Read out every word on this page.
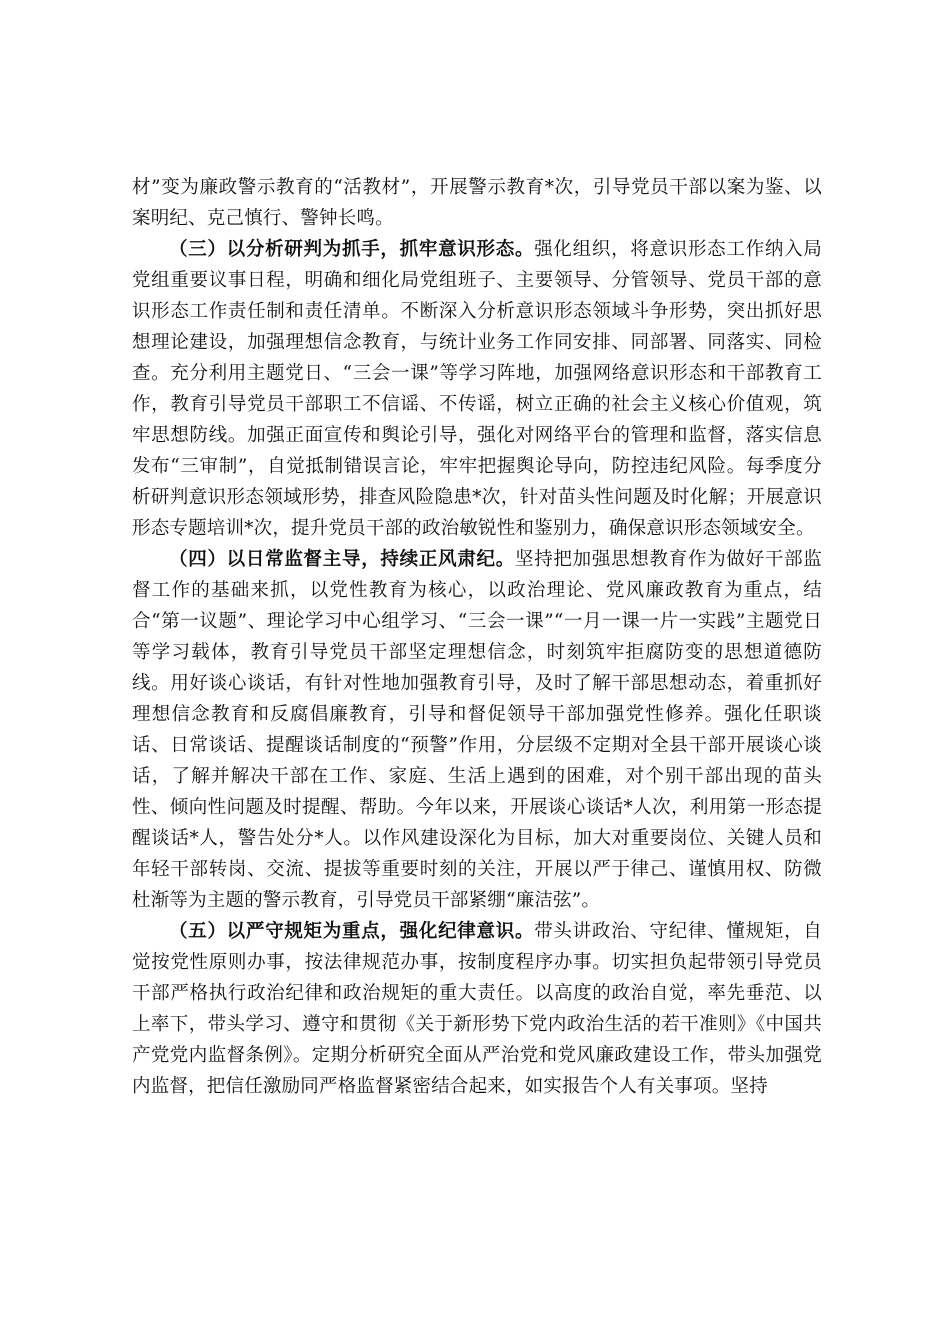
材”变为廉政警示教育的“活教材”，开展警示教育*次，引导党员干部以案为鉴、以案明纪、克己慎行、警钟长鸣。

（三）以分析研判为抓手，抓牢意识形态。强化组织，将意识形态工作纳入局党组重要议事日程，明确和细化局党组班子、主要领导、分管领导、党员干部的意识形态工作责任制和责任清单。不断深入分析意识形态领域斗争形势，突出抓好思想理论建设，加强理想信念教育，与统计业务工作同安排、同部署、同落实、同检查。充分利用主题党日、“三会一课”等学习阵地，加强网络意识形态和干部教育工作，教育引导党员干部职工不信谣、不传谣，树立正确的社会主义核心价值观，筑牢思想防线。加强正面宣传和舆论引导，强化对网络平台的管理和监督，落实信息发布“三审制”，自觉抵制错误言论，牢牢把握舆论导向，防控违纪风险。每季度分析研判意识形态领域形势，排查风险隐患*次，针对苗头性问题及时化解；开展意识形态专题培训*次，提升党员干部的政治敏锐性和鉴别力，确保意识形态领域安全。

（四）以日常监督主导，持续正风肃纪。坚持把加强思想教育作为做好干部监督工作的基础来抓，以党性教育为核心，以政治理论、党风廉政教育为重点，结合“第一议题”、理论学习中心组学习、“三会一课”“一月一课一片一实践”主题党日等学习载体，教育引导党员干部坚定理想信念，时刻筑牢拒腐防变的思想道德防线。用好谈心谈话，有针对性地加强教育引导，及时了解干部思想动态，着重抓好理想信念教育和反腐倡廉教育，引导和督促领导干部加强党性修养。强化任职谈话、日常谈话、提醒谈话制度的“预警”作用，分层级不定期对全县干部开展谈心谈话，了解并解决干部在工作、家庭、生活上遇到的困难，对个别干部出现的苗头性、倾向性问题及时提醒、帮助。今年以来，开展谈心谈话*人次，利用第一形态提醒谈话*人，警告处分*人。以作风建设深化为目标，加大对重要岗位、关键人员和年轻干部转岗、交流、提拔等重要时刻的关注，开展以严于律己、谨慎用权、防微杜渐等为主题的警示教育，引导党员干部紧绷“廉洁弦”。

（五）以严守规矩为重点，强化纪律意识。带头讲政治、守纪律、懂规矩，自觉按党性原则办事，按法律规范办事，按制度程序办事。切实担负起带领引导党员干部严格执行政治纪律和政治规矩的重大责任。以高度的政治自觉，率先垂范、以上率下，带头学习、遵守和贯彻《关于新形势下党内政治生活的若干准则》《中国共产党党内监督条例》。定期分析研究全面从严治党和党风廉政建设工作，带头加强党内监督，把信任激励同严格监督紧密结合起来，如实报告个人有关事项。坚持
